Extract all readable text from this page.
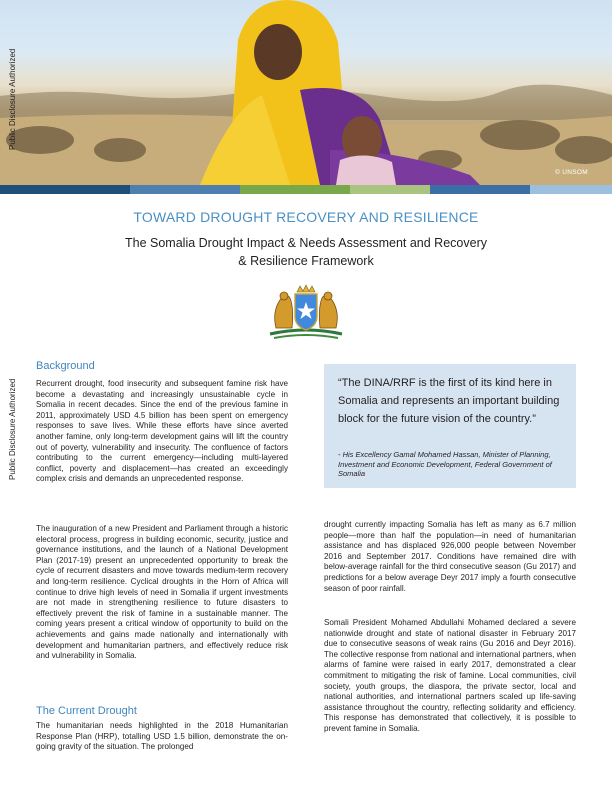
© UNSOM
Public Disclosure Authorized
Public Disclosure Authorized
TOWARD DROUGHT RECOVERY AND RESILIENCE
The Somalia Drought Impact & Needs Assessment and Recovery & Resilience Framework
Background

Recurrent drought, food insecurity and subsequent famine risk have become a devastating and increasingly unsustainable cycle in Somalia in recent decades. Since the end of the previous famine in 2011, approximately USD 4.5 billion has been spent on emergency responses to save lives. While these efforts have since averted another famine, only long-term development gains will lift the country out of poverty, vulnerability and insecurity. The confluence of factors contributing to the current emergency—including multi-layered conflict, poverty and displacement—has created an exceedingly complex crisis and demands an unprecedented response.

The inauguration of a new President and Parliament through a historic electoral process, progress in building economic, security, justice and governance institutions, and the launch of a National Development Plan (2017-19) present an unprecedented opportunity to break the cycle of recurrent disasters and move towards medium-term recovery and long-term resilience. Cyclical droughts in the Horn of Africa will continue to drive high levels of need in Somalia if urgent investments are not made in strengthening resilience to future disasters to effectively prevent the risk of famine in a sustainable manner. The coming years present a critical window of opportunity to build on the achievements and gains made nationally and internationally with development and humanitarian partners, and effectively reduce risk and vulnerability in Somalia.

The Current Drought

The humanitarian needs highlighted in the 2018 Humanitarian Response Plan (HRP), totalling USD 1.5 billion, demonstrate the on-going gravity of the situation. The prolonged

“The DINA/RRF is the first of its kind here in Somalia and represents an important building block for the future vision of the country.”

- His Excellency Gamal Mohamed Hassan, Minister of Planning, Investment and Economic Development, Federal Government of Somalia

drought currently impacting Somalia has left as many as 6.7 million people—more than half the population—in need of humanitarian assistance and has displaced 926,000 people between November 2016 and September 2017. Conditions have remained dire with below-average rainfall for the third consecutive season (Gu 2017) and predictions for a below average Deyr 2017 imply a fourth consecutive season of poor rainfall.

Somali President Mohamed Abdullahi Mohamed declared a severe nationwide drought and state of national disaster in February 2017 due to consecutive seasons of weak rains (Gu 2016 and Deyr 2016). The collective response from national and international partners, when alarms of famine were raised in early 2017, demonstrated a clear commitment to mitigating the risk of famine. Local communities, civil society, youth groups, the diaspora, the private sector, local and national authorities, and international partners scaled up life-saving assistance throughout the country, reflecting solidarity and efficiency. This response has demonstrated that collectively, it is possible to prevent famine in Somalia.
